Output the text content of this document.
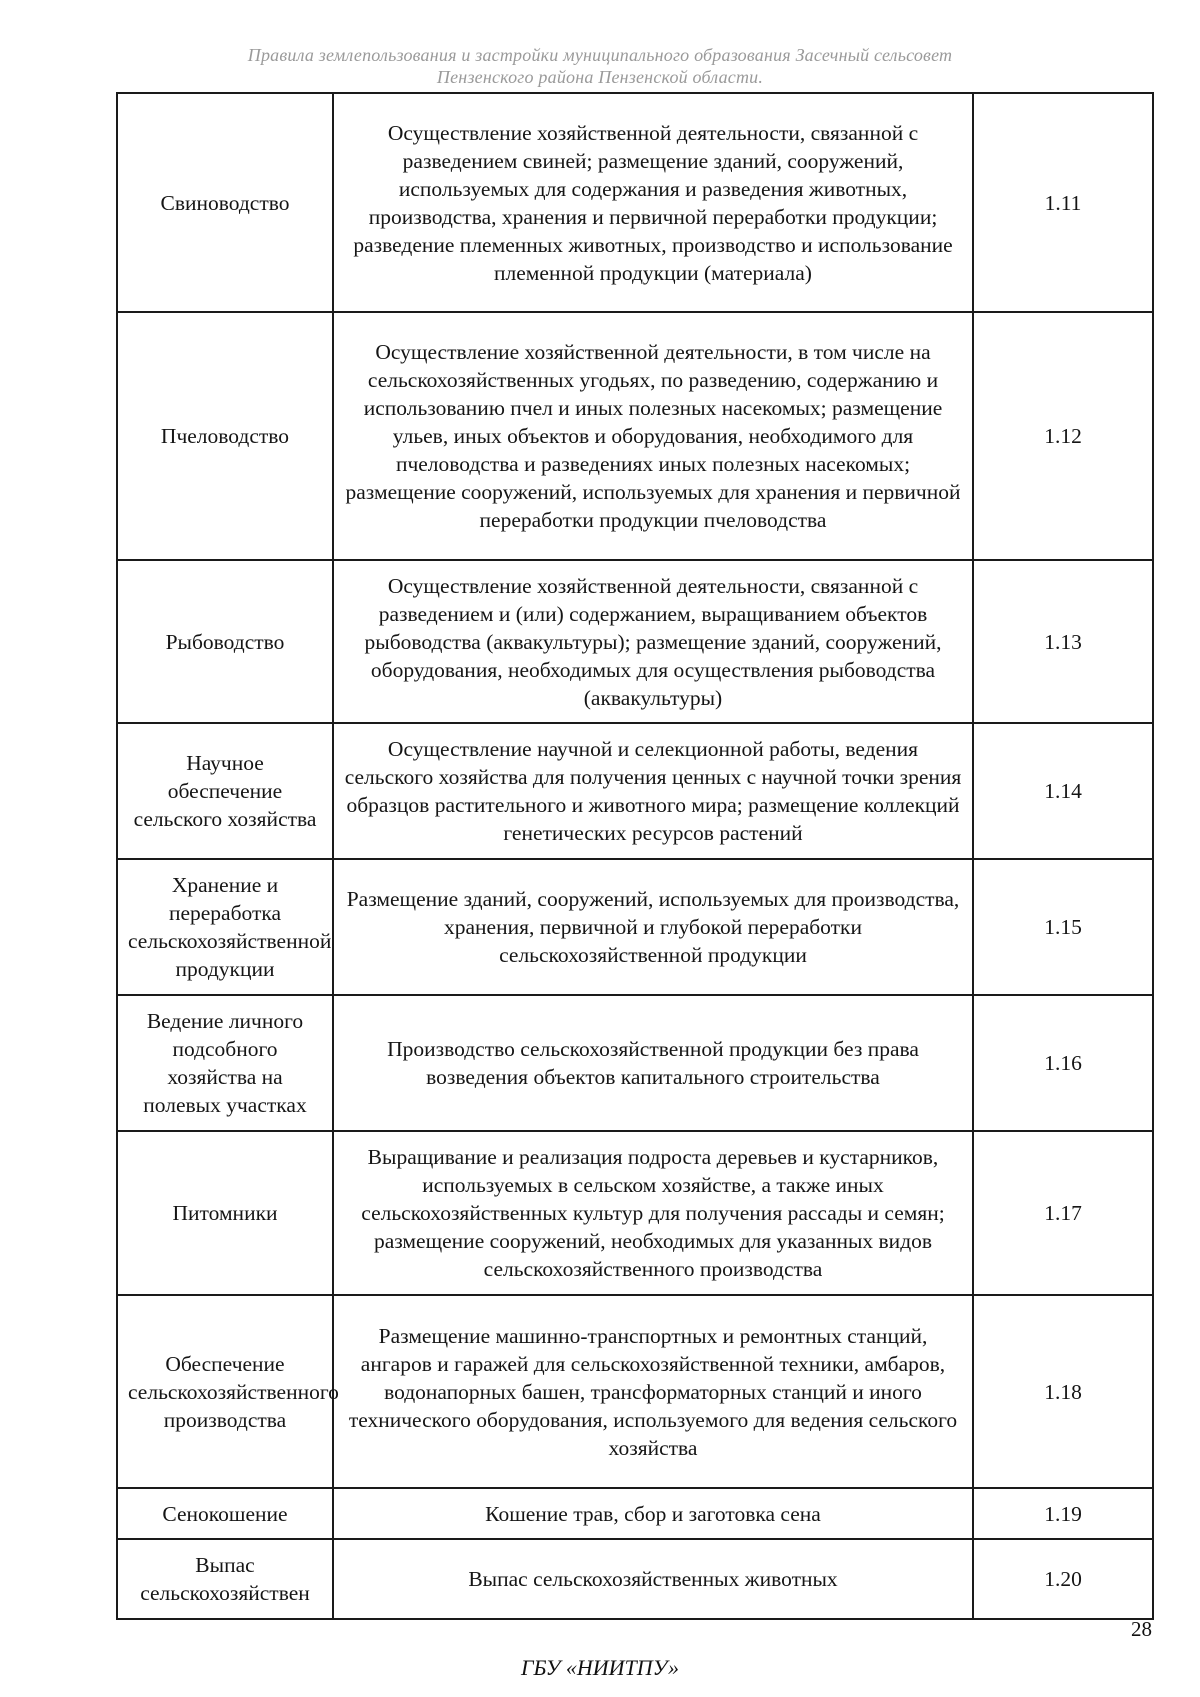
Правила землепользования и застройки муниципального образования Засечный сельсовет
Пензенского района Пензенской области.
Свиноводство	Осуществление хозяйственной деятельности, связанной с разведением свиней; размещение зданий, сооружений, используемых для содержания и разведения животных, производства, хранения и первичной переработки продукции; разведение племенных животных, производство и использование племенной продукции (материала)	1.11
Пчеловодство	Осуществление хозяйственной деятельности, в том числе на сельскохозяйственных угодьях, по разведению, содержанию и использованию пчел и иных полезных насекомых; размещение ульев, иных объектов и оборудования, необходимого для пчеловодства и разведениях иных полезных насекомых; размещение сооружений, используемых для хранения и первичной переработки продукции пчеловодства	1.12
Рыбоводство	Осуществление хозяйственной деятельности, связанной с разведением и (или) содержанием, выращиванием объектов рыбоводства (аквакультуры); размещение зданий, сооружений, оборудования, необходимых для осуществления рыбоводства (аквакультуры)	1.13
Научное обеспечение сельского хозяйства	Осуществление научной и селекционной работы, ведения сельского хозяйства для получения ценных с научной точки зрения образцов растительного и животного мира; размещение коллекций генетических ресурсов растений	1.14
Хранение и переработка сельскохозяйственной продукции	Размещение зданий, сооружений, используемых для производства, хранения, первичной и глубокой переработки сельскохозяйственной продукции	1.15
Ведение личного подсобного хозяйства на полевых участках	Производство сельскохозяйственной продукции без права возведения объектов капитального строительства	1.16
Питомники	Выращивание и реализация подроста деревьев и кустарников, используемых в сельском хозяйстве, а также иных сельскохозяйственных культур для получения рассады и семян; размещение сооружений, необходимых для указанных видов сельскохозяйственного производства	1.17
Обеспечение сельскохозяйственного производства	Размещение машинно-транспортных и ремонтных станций, ангаров и гаражей для сельскохозяйственной техники, амбаров, водонапорных башен, трансформаторных станций и иного технического оборудования, используемого для ведения сельского хозяйства	1.18
Сенокошение	Кошение трав, сбор и заготовка сена	1.19
Выпас сельскохозяйствен	Выпас сельскохозяйственных животных	1.20
28
ГБУ «НИИТПУ»
